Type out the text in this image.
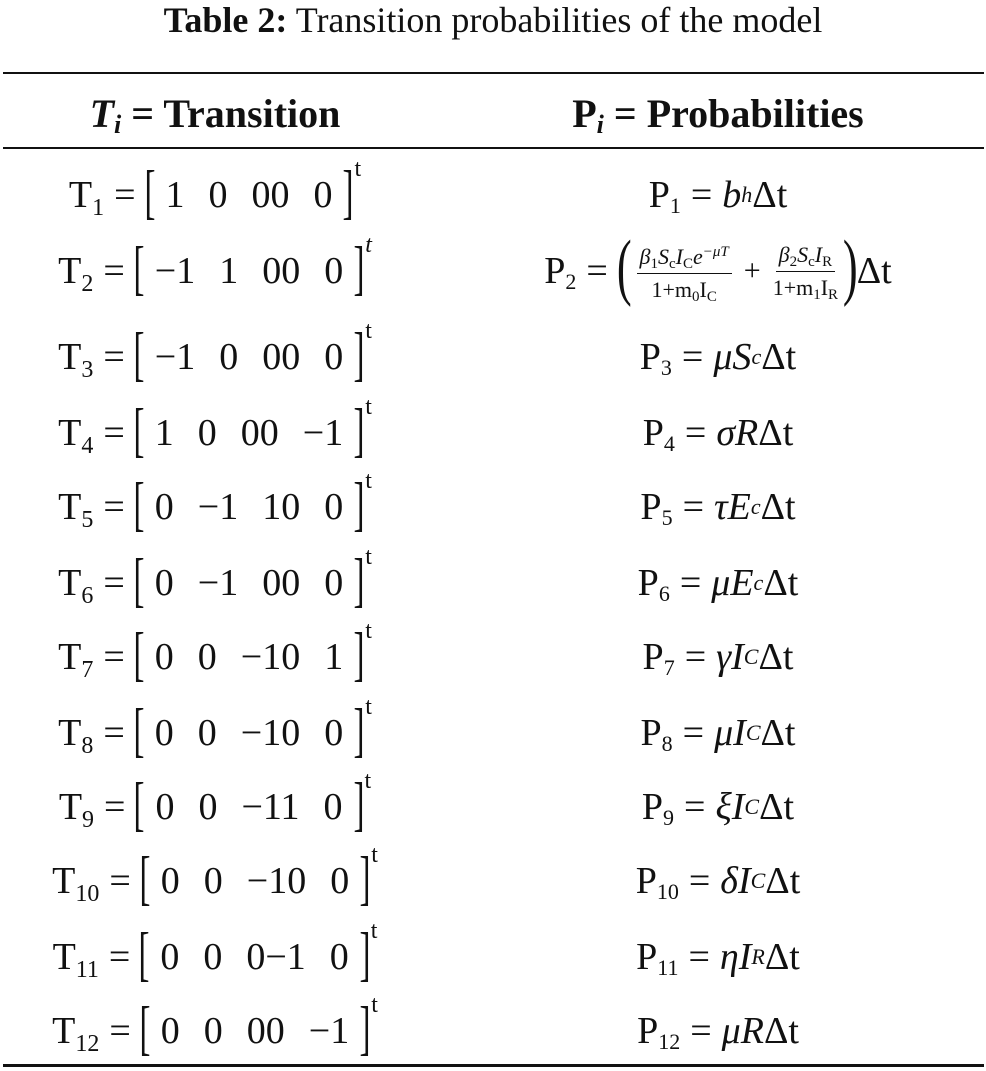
Table 2: Transition probabilities of the model
$T_i$ = Transition	$P_i$ = Probabilities
$T_1$ = [ 1 0 00 0 ] t
$P_1 = b$ h Δt
$T_2$ = [ −1 1 00 0 ] t
$P_2$ = ( $\frac{\beta_1S_cI_Ce^{-\mu T}}{1+m_0I_C} + \frac{\beta_2S_cI_R}{1+m_1I_R}$ )
Δt
$T_3$ = [ −1 0 00 0 ] t
$P_3 = \mu S$ c Δt
$T_4$ = [ 1 0 00 −1 ] t
$P_4 = \sigma R$ Δt
$T_5$ = [ 0 −1 10 0 ] t
$P_5 = \tau E$ c Δt
$T_6$ = [ 0 −1 00 0 ] t
$P_6 = \mu E$ c Δt
$T_7$ = [ 0 0 −10 1 ] t
$P_7 = \gamma I$ C Δt
$T_8$ = [ 0 0 −10 0 ] t
$P_8 = \mu I$ C Δt
$T_9$ = [ 0 0 −11 0 ] t
$P_9 = \xi I$ C Δt
$T_{10}$ = [ 0 0 −10 0 ] t
$P_{10} = \delta I$ C Δt
$T_{11}$ = [ 0 0 0−1 0 ] t
$P_{11} = \eta I$ R Δt
$T_{12}$ = [ 0 0 00 −1 ] t
$P_{12} = \mu R$ Δt
